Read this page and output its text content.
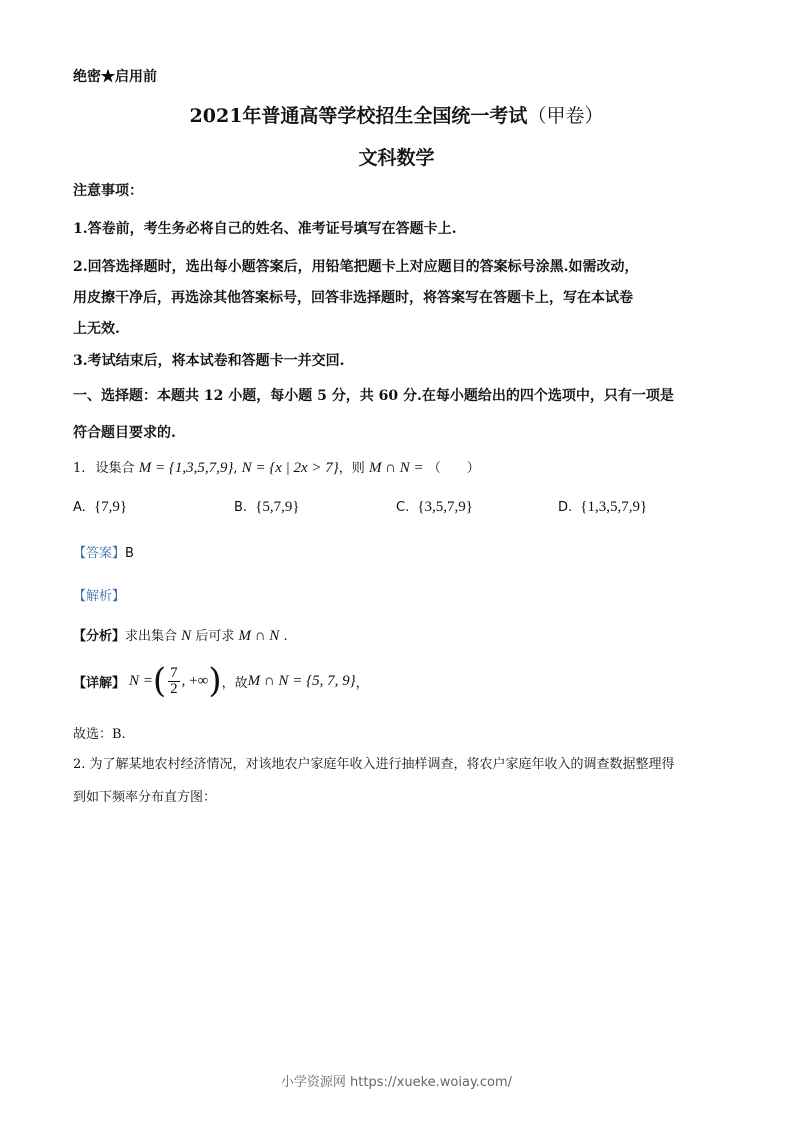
绝密★启用前
2021年普通高等学校招生全国统一考试（甲卷）
文科数学
注意事项：
1.答卷前，考生务必将自己的姓名、准考证号填写在答题卡上.
2.回答选择题时，选出每小题答案后，用铅笔把题卡上对应题目的答案标号涂黑.如需改动，
用皮擦干净后，再选涂其他答案标号，回答非选择题时，将答案写在答题卡上，写在本试卷
上无效.
3.考试结束后，将本试卷和答题卡一并交回.
一、选择题：本题共 12 小题，每小题 5 分，共 60 分.在每小题给出的四个选项中，只有一项是
符合题目要求的.
1. 设集合 M = {1,3,5,7,9}, N = {x | 2x > 7}，则 M ∩ N = （　　）
A. {7,9}	B. {5,7,9}	C. {3,5,7,9}	D. {1,3,5,7,9}
【答案】B
【解析】
【分析】求出集合 N 后可求 M ∩ N .
【详解】 N = ( $\frac{7}{2}$ , +∞ ) ，故 M ∩ N = {5, 7, 9} ，
故选：B.
2. 为了解某地农村经济情况，对该地农户家庭年收入进行抽样调查，将农户家庭年收入的调查数据整理得
到如下频率分布直方图：
小学资源网 https://xueke.woiay.com/
